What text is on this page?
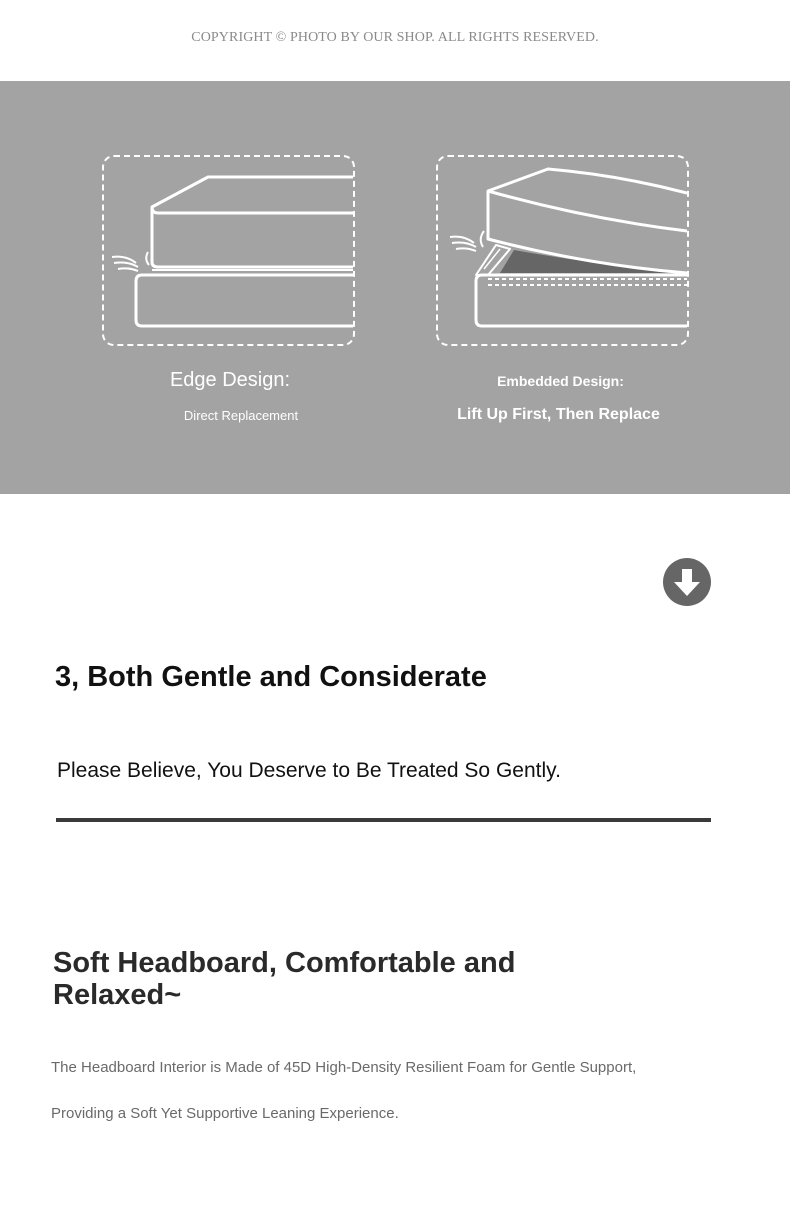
COPYRIGHT © PHOTO BY OUR SHOP. ALL RIGHTS RESERVED.
Edge Design:
Direct Replacement
Embedded Design:
Lift Up First, Then Replace
3, Both Gentle and Considerate
Please Believe, You Deserve to Be Treated So Gently.
Soft Headboard, Comfortable and Relaxed~
The Headboard Interior is Made of 45D High-Density Resilient Foam for Gentle Support,
Providing a Soft Yet Supportive Leaning Experience.
